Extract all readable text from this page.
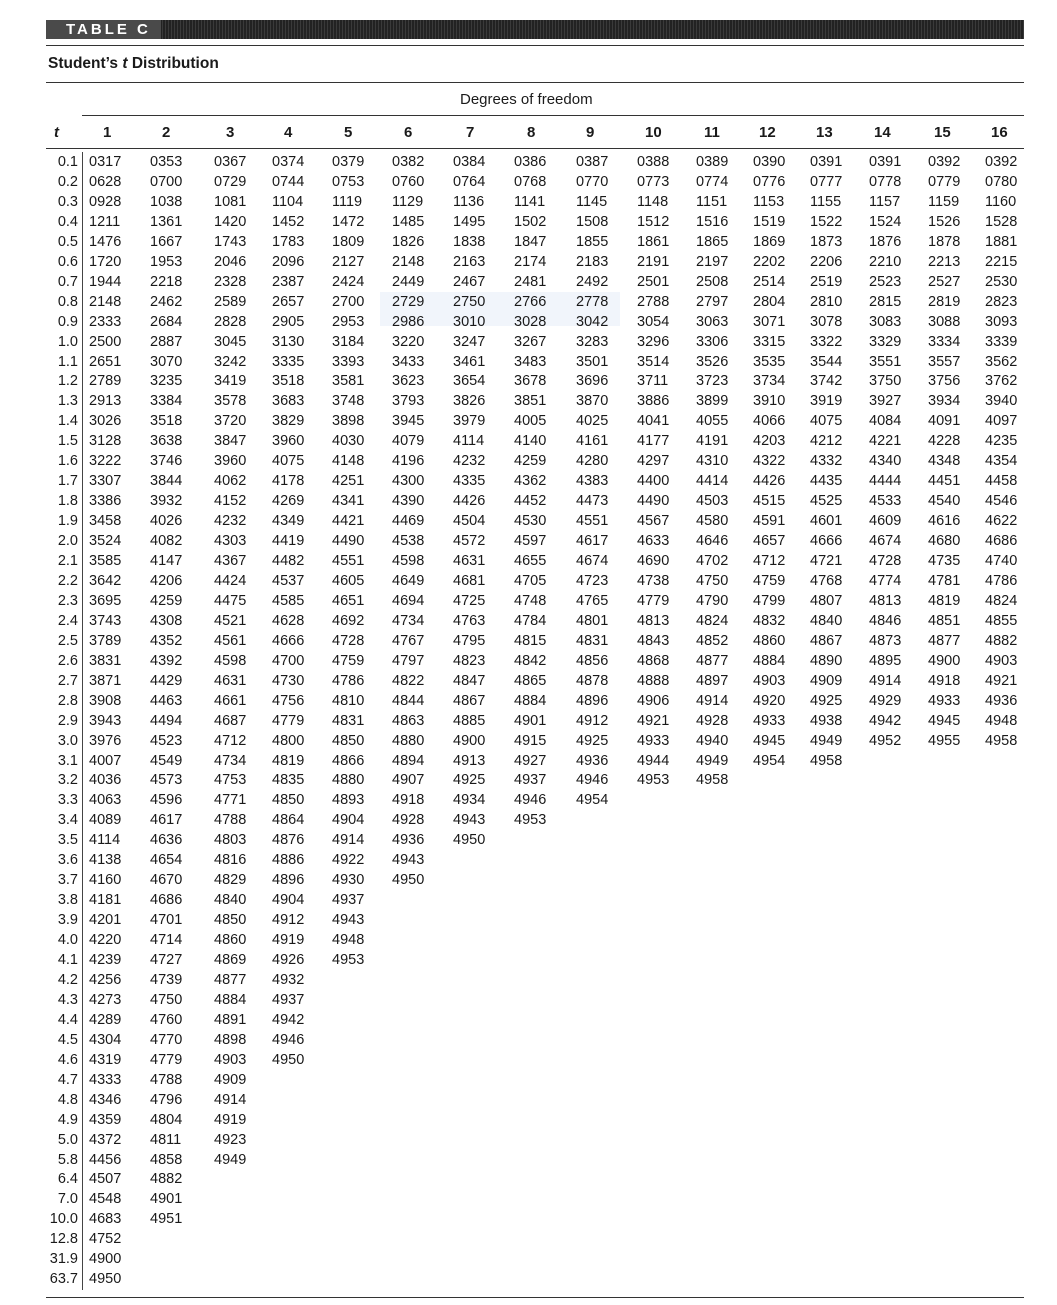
TABLE C
Student’s t Distribution
Degrees of freedom
t	1	2	3	4	5	6	7	8	9	10	11	12	13	14	15	16
0.1 0317 0353 0367 0374 0379 0382 0384 0386 0387 0388 0389 0390 0391 0391 0392 0392
0.2 0628 0700 0729 0744 0753 0760 0764 0768 0770 0773 0774 0776 0777 0778 0779 0780
0.3 0928 1038 1081 1104 1119 1129 1136 1141 1145 1148 1151 1153 1155 1157 1159 1160
0.4 1211 1361 1420 1452 1472 1485 1495 1502 1508 1512 1516 1519 1522 1524 1526 1528
0.5 1476 1667 1743 1783 1809 1826 1838 1847 1855 1861 1865 1869 1873 1876 1878 1881
0.6 1720 1953 2046 2096 2127 2148 2163 2174 2183 2191 2197 2202 2206 2210 2213 2215
0.7 1944 2218 2328 2387 2424 2449 2467 2481 2492 2501 2508 2514 2519 2523 2527 2530
0.8 2148 2462 2589 2657 2700 2729 2750 2766 2778 2788 2797 2804 2810 2815 2819 2823
0.9 2333 2684 2828 2905 2953 2986 3010 3028 3042 3054 3063 3071 3078 3083 3088 3093
1.0 2500 2887 3045 3130 3184 3220 3247 3267 3283 3296 3306 3315 3322 3329 3334 3339
1.1 2651 3070 3242 3335 3393 3433 3461 3483 3501 3514 3526 3535 3544 3551 3557 3562
1.2 2789 3235 3419 3518 3581 3623 3654 3678 3696 3711 3723 3734 3742 3750 3756 3762
1.3 2913 3384 3578 3683 3748 3793 3826 3851 3870 3886 3899 3910 3919 3927 3934 3940
1.4 3026 3518 3720 3829 3898 3945 3979 4005 4025 4041 4055 4066 4075 4084 4091 4097
1.5 3128 3638 3847 3960 4030 4079 4114 4140 4161 4177 4191 4203 4212 4221 4228 4235
1.6 3222 3746 3960 4075 4148 4196 4232 4259 4280 4297 4310 4322 4332 4340 4348 4354
1.7 3307 3844 4062 4178 4251 4300 4335 4362 4383 4400 4414 4426 4435 4444 4451 4458
1.8 3386 3932 4152 4269 4341 4390 4426 4452 4473 4490 4503 4515 4525 4533 4540 4546
1.9 3458 4026 4232 4349 4421 4469 4504 4530 4551 4567 4580 4591 4601 4609 4616 4622
2.0 3524 4082 4303 4419 4490 4538 4572 4597 4617 4633 4646 4657 4666 4674 4680 4686
2.1 3585 4147 4367 4482 4551 4598 4631 4655 4674 4690 4702 4712 4721 4728 4735 4740
2.2 3642 4206 4424 4537 4605 4649 4681 4705 4723 4738 4750 4759 4768 4774 4781 4786
2.3 3695 4259 4475 4585 4651 4694 4725 4748 4765 4779 4790 4799 4807 4813 4819 4824
2.4 3743 4308 4521 4628 4692 4734 4763 4784 4801 4813 4824 4832 4840 4846 4851 4855
2.5 3789 4352 4561 4666 4728 4767 4795 4815 4831 4843 4852 4860 4867 4873 4877 4882
2.6 3831 4392 4598 4700 4759 4797 4823 4842 4856 4868 4877 4884 4890 4895 4900 4903
2.7 3871 4429 4631 4730 4786 4822 4847 4865 4878 4888 4897 4903 4909 4914 4918 4921
2.8 3908 4463 4661 4756 4810 4844 4867 4884 4896 4906 4914 4920 4925 4929 4933 4936
2.9 3943 4494 4687 4779 4831 4863 4885 4901 4912 4921 4928 4933 4938 4942 4945 4948
3.0 3976 4523 4712 4800 4850 4880 4900 4915 4925 4933 4940 4945 4949 4952 4955 4958
3.1 4007 4549 4734 4819 4866 4894 4913 4927 4936 4944 4949 4954 4958
3.2 4036 4573 4753 4835 4880 4907 4925 4937 4946 4953 4958
3.3 4063 4596 4771 4850 4893 4918 4934 4946 4954
3.4 4089 4617 4788 4864 4904 4928 4943 4953
3.5 4114 4636 4803 4876 4914 4936 4950
3.6 4138 4654 4816 4886 4922 4943
3.7 4160 4670 4829 4896 4930 4950
3.8 4181 4686 4840 4904 4937
3.9 4201 4701 4850 4912 4943
4.0 4220 4714 4860 4919 4948
4.1 4239 4727 4869 4926 4953
4.2 4256 4739 4877 4932
4.3 4273 4750 4884 4937
4.4 4289 4760 4891 4942
4.5 4304 4770 4898 4946
4.6 4319 4779 4903 4950
4.7 4333 4788 4909
4.8 4346 4796 4914
4.9 4359 4804 4919
5.0 4372 4811 4923
5.8 4456 4858 4949
6.4 4507 4882
7.0 4548 4901
10.0 4683 4951
12.8 4752
31.9 4900
63.7 4950
